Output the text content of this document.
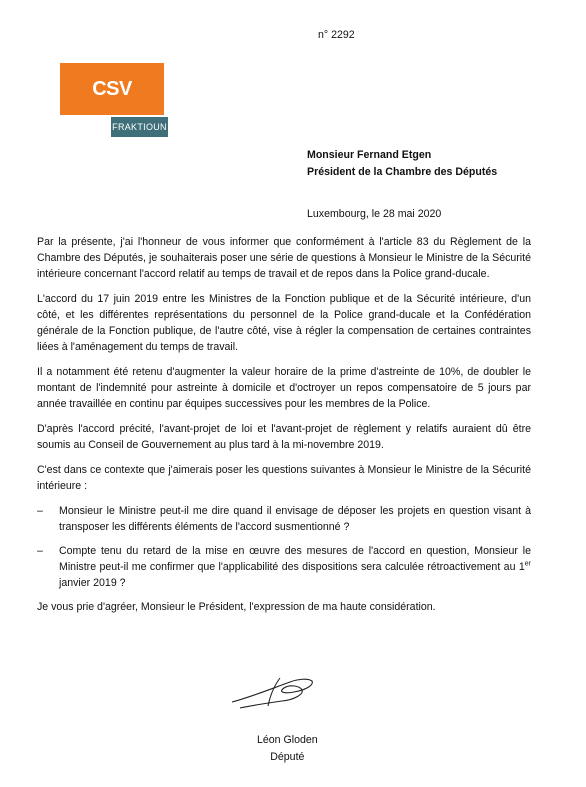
n° 2292
CSV
FRAKTIOUN
Monsieur Fernand Etgen
Président de la Chambre des Députés
Luxembourg, le 28 mai 2020

Par la présente, j'ai l'honneur de vous informer que conformément à l'article 83 du Règlement de la Chambre des Députés, je souhaiterais poser une série de questions à Monsieur le Ministre de la Sécurité intérieure concernant l'accord relatif au temps de travail et de repos dans la Police grand-ducale.

L'accord du 17 juin 2019 entre les Ministres de la Fonction publique et de la Sécurité intérieure, d'un côté, et les différentes représentations du personnel de la Police grand-ducale et la Confédération générale de la Fonction publique, de l'autre côté, vise à régler la compensation de certaines contraintes liées à l'aménagement du temps de travail.

Il a notamment été retenu d'augmenter la valeur horaire de la prime d'astreinte de 10%, de doubler le montant de l'indemnité pour astreinte à domicile et d'octroyer un repos compensatoire de 5 jours par année travaillée en continu par équipes successives pour les membres de la Police.

D'après l'accord précité, l'avant-projet de loi et l'avant-projet de règlement y relatifs auraient dû être soumis au Conseil de Gouvernement au plus tard à la mi-novembre 2019.

C'est dans ce contexte que j'aimerais poser les questions suivantes à Monsieur le Ministre de la Sécurité intérieure :

–	Monsieur le Ministre peut-il me dire quand il envisage de déposer les projets en question visant à transposer les différents éléments de l'accord susmentionné ?
–	Compte tenu du retard de la mise en œuvre des mesures de l'accord en question, Monsieur le Ministre peut-il me confirmer que l'applicabilité des dispositions sera calculée rétroactivement au 1er janvier 2019 ?

Je vous prie d'agréer, Monsieur le Président, l'expression de ma haute considération.

Léon Gloden
Député
